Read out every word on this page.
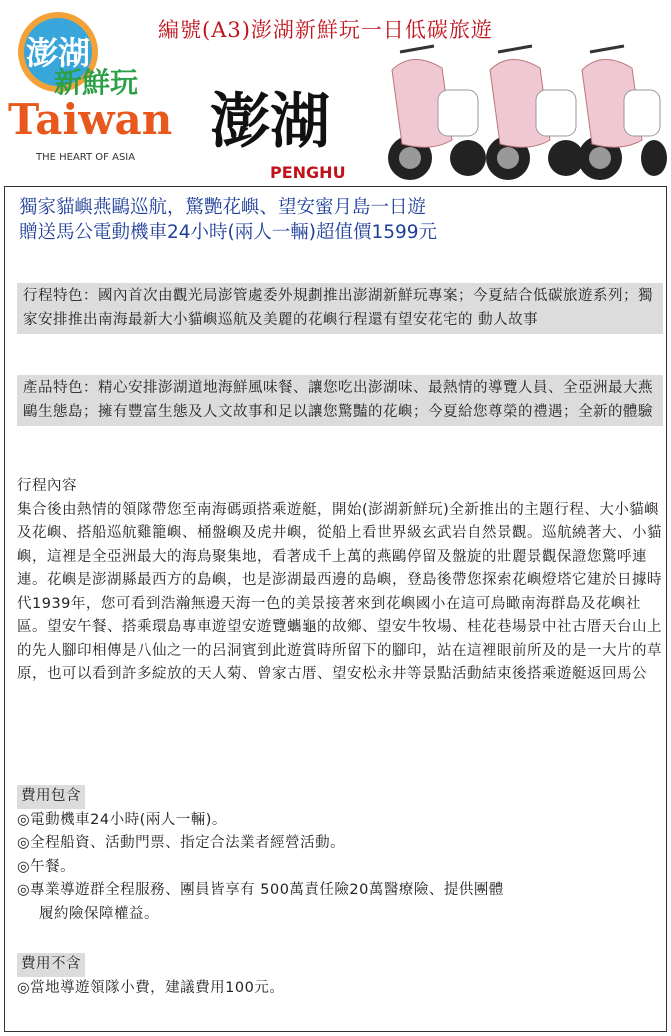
編號(A3)澎湖新鮮玩一日低碳旅遊
澎湖
新鮮玩
Taiwan
THE HEART OF ASIA
澎湖
PENGHU
獨家貓嶼燕鷗巡航，驚艷花嶼、望安蜜月島一日遊
贈送馬公電動機車24小時(兩人一輛)超值價1599元
行程特色：國內首次由觀光局澎管處委外規劃推出澎湖新鮮玩專案；今夏結合低碳旅遊系列；獨家安排推出南海最新大小貓嶼巡航及美麗的花嶼行程還有望安花宅的 動人故事
產品特色：精心安排澎湖道地海鮮風味餐、讓您吃出澎湖味、最熱情的導覽人員、全亞洲最大燕鷗生態島；擁有豐富生態及人文故事和足以讓您驚豔的花嶼；今夏給您尊榮的禮遇；全新的體驗
行程內容
集合後由熱情的領隊帶您至南海碼頭搭乘遊艇，開始(澎湖新鮮玩)全新推出的主題行程、大小貓嶼及花嶼、搭船巡航雞籠嶼、桶盤嶼及虎井嶼，從船上看世界級玄武岩自然景觀。巡航繞著大、小貓嶼，這裡是全亞洲最大的海鳥聚集地，看著成千上萬的燕鷗停留及盤旋的壯麗景觀保證您驚呼連連。花嶼是澎湖縣最西方的島嶼，也是澎湖最西邊的島嶼，登島後帶您探索花嶼燈塔它建於日據時代1939年，您可看到浩瀚無邊天海一色的美景接著來到花嶼國小在這可鳥瞰南海群島及花嶼社區。望安午餐、搭乘環島專車遊望安遊覽蠵龜的故鄉、望安牛牧場、桂花巷場景中社古厝天台山上的先人腳印相傳是八仙之一的呂洞賓到此遊賞時所留下的腳印，站在這裡眼前所及的是一大片的草原，也可以看到許多綻放的天人菊、曾家古厝、望安松永井等景點活動結束後搭乘遊艇返回馬公
費用包含
◎電動機車24小時(兩人一輛)。
◎全程船資、活動門票、指定合法業者經營活動。
◎午餐。
◎專業導遊群全程服務、團員皆享有 500萬責任險20萬醫療險、提供團體
履約險保障權益。
費用不含
◎當地導遊領隊小費，建議費用100元。
